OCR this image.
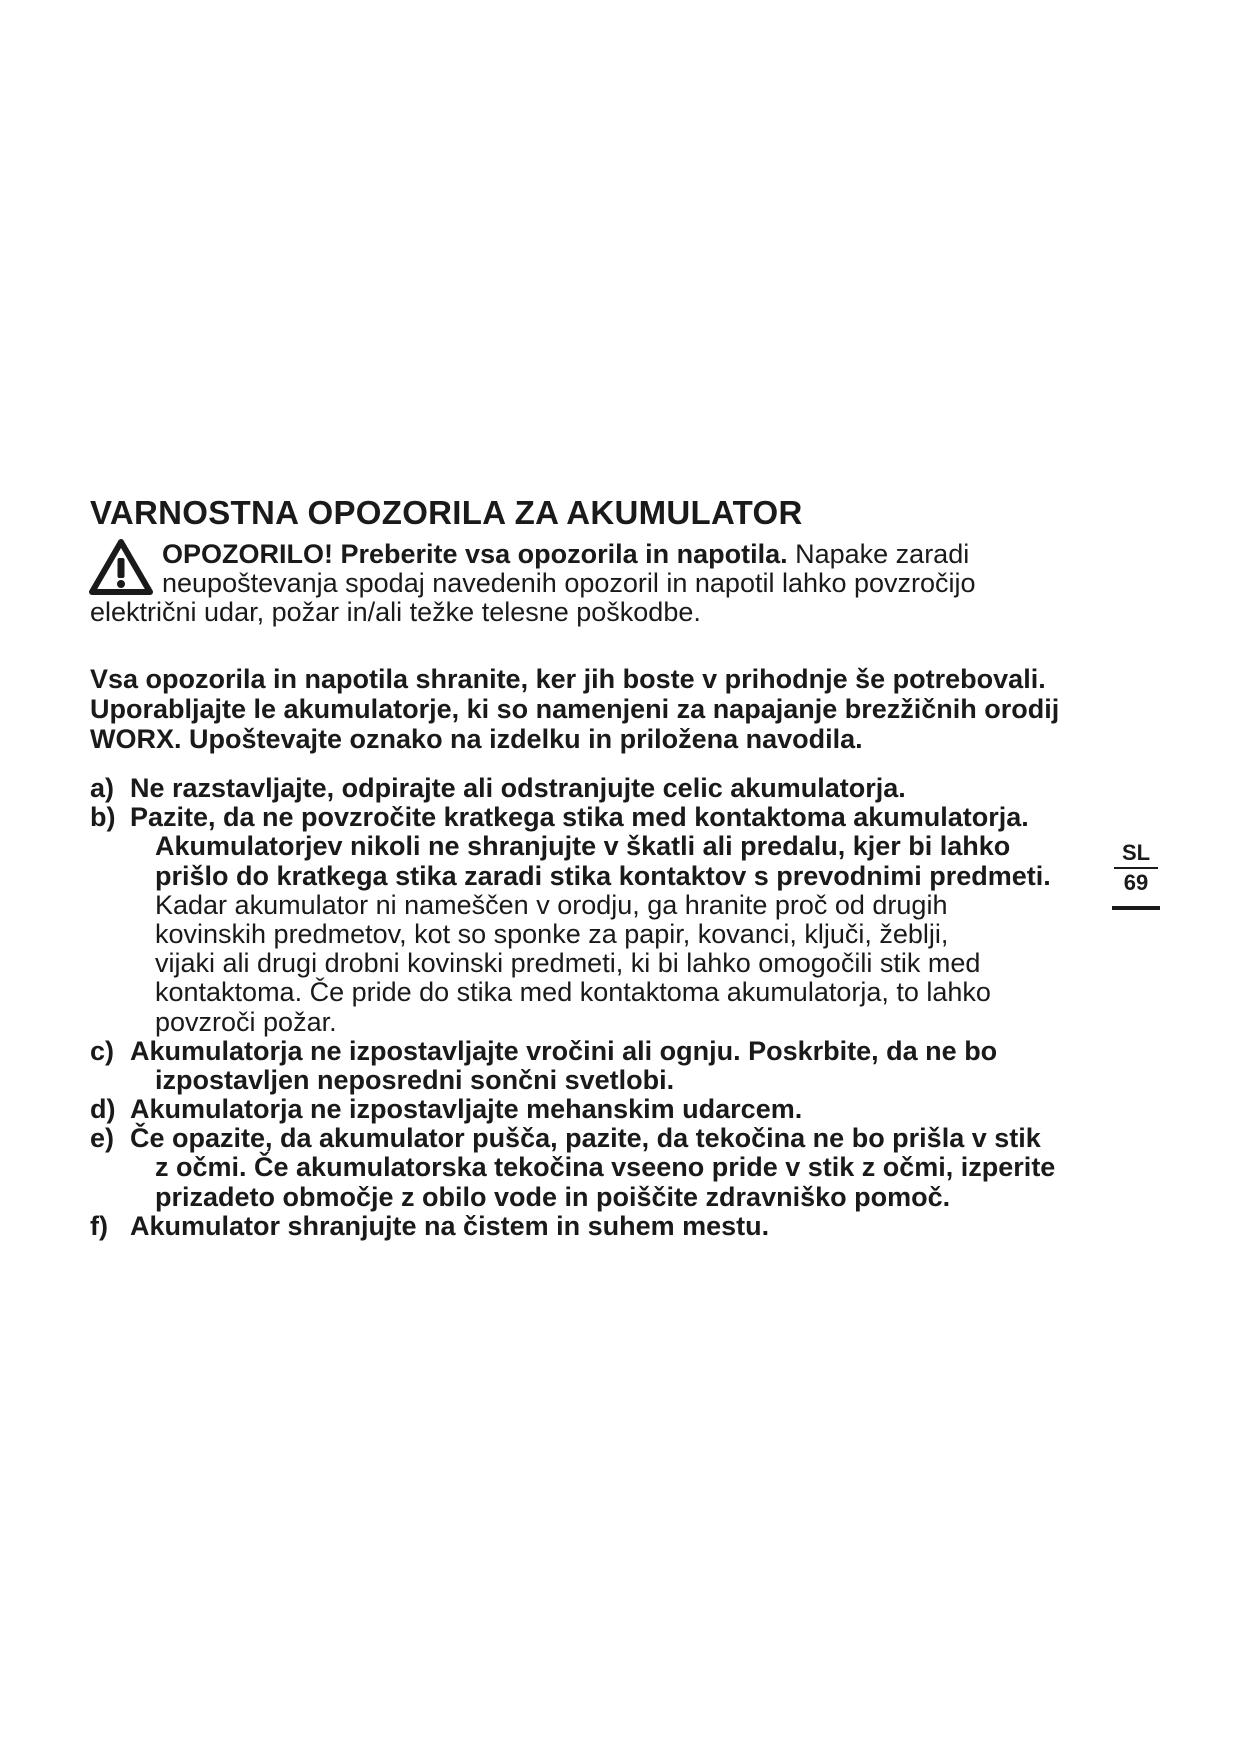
VARNOSTNA OPOZORILA ZA AKUMULATOR
OPOZORILO! Preberite vsa opozorila in napotila. Napake zaradi
neupoštevanja spodaj navedenih opozoril in napotil lahko povzročijo
električni udar, požar in/ali težke telesne poškodbe.
Vsa opozorila in napotila shranite, ker jih boste v prihodnje še potrebovali.
Uporabljajte le akumulatorje, ki so namenjeni za napajanje brezžičnih orodij
WORX. Upoštevajte oznako na izdelku in priložena navodila.
a) Ne razstavljajte, odpirajte ali odstranjujte celic akumulatorja.
b) Pazite, da ne povzročite kratkega stika med kontaktoma akumulatorja.
Akumulatorjev nikoli ne shranjujte v škatli ali predalu, kjer bi lahko
prišlo do kratkega stika zaradi stika kontaktov s prevodnimi predmeti.
Kadar akumulator ni nameščen v orodju, ga hranite proč od drugih
kovinskih predmetov, kot so sponke za papir, kovanci, ključi, žeblji,
vijaki ali drugi drobni kovinski predmeti, ki bi lahko omogočili stik med
kontaktoma. Če pride do stika med kontaktoma akumulatorja, to lahko
povzroči požar.
c) Akumulatorja ne izpostavljajte vročini ali ognju. Poskrbite, da ne bo
izpostavljen neposredni sončni svetlobi.
d) Akumulatorja ne izpostavljajte mehanskim udarcem.
e) Če opazite, da akumulator pušča, pazite, da tekočina ne bo prišla v stik
z očmi. Če akumulatorska tekočina vseeno pride v stik z očmi, izperite
prizadeto območje z obilo vode in poiščite zdravniško pomoč.
f) Akumulator shranjujte na čistem in suhem mestu.
SL
69
